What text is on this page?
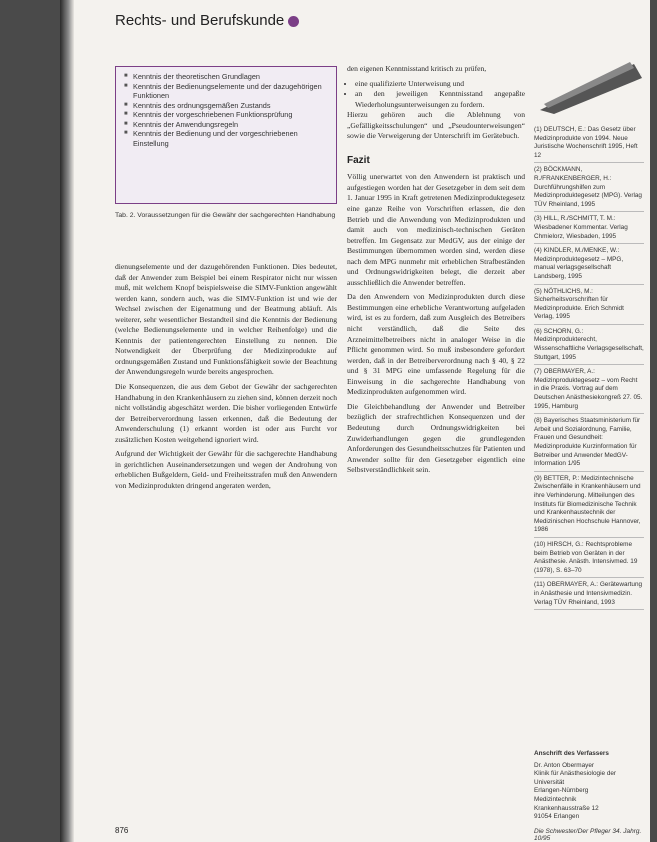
Rechts- und Berufskunde
■ Kenntnis der theoretischen Grundlagen
■ Kenntnis der Bedienungselemente und der dazugehörigen Funktionen
■ Kenntnis des ordnungsgemäßen Zustands
■ Kenntnis der vorgeschriebenen Funktionsprüfung
■ Kenntnis der Anwendungsregeln
■ Kenntnis der Bedienung und der vorgeschriebenen Einstellung
Tab. 2. Voraussetzungen für die Gewähr der sachgerechten Handhabung

dienungselemente und der dazugehörenden Funktionen. Dies bedeutet, daß der Anwender zum Beispiel bei einem Respirator nicht nur wissen muß, mit welchem Knopf beispielsweise die SIMV-Funktion angewählt werden kann, sondern auch, was die SIMV-Funktion ist und wie der Wechsel zwischen der Eigenatmung und der Beatmung abläuft. Als weiterer, sehr wesentlicher Bestandteil sind die Kenntnis der Bedienung (welche Bedienungselemente und in welcher Reihenfolge) und die Kenntnis der patientengerechten Einstellung zu nennen. Die Notwendigkeit der Überprüfung der Medizinprodukte auf ordnungsgemäßen Zustand und Funktionsfähigkeit sowie der Beachtung der Anwendungsregeln wurde bereits angesprochen.

Die Konsequenzen, die aus dem Gebot der Gewähr der sachgerechten Handhabung in den Krankenhäusern zu ziehen sind, können derzeit noch nicht vollständig abgeschätzt werden. Die bisher vorliegenden Entwürfe der Betreiberverordnung lassen erkennen, daß die Bedeutung der Anwenderschulung (1) erkannt worden ist oder aus Furcht vor zusätzlichen Kosten weitgehend ignoriert wird.

Aufgrund der Wichtigkeit der Gewähr für die sachgerechte Handhabung in gerichtlichen Auseinandersetzungen und wegen der Androhung von erheblichen Bußgeldern, Geld- und Freiheitsstrafen muß den Anwendern von Medizinprodukten dringend angeraten werden,

den eigenen Kenntnisstand kritisch zu prüfen,

• eine qualifizierte Unterweisung und
• an den jeweiligen Kenntnisstand angepaßte Wiederholungsunterweisungen zu fordern.

Hierzu gehören auch die Ablehnung von „Gefälligkeitsschulungen“ und „Pseudounterweisungen“ sowie die Verweigerung der Unterschrift im Gerätebuch.

Fazit

Völlig unerwartet von den Anwendern ist praktisch und aufgestiegen worden hat der Gesetzgeber in dem seit dem 1. Januar 1995 in Kraft getretenen Medizinproduktegesetz eine ganze Reihe von Vorschriften erlassen, die den Betrieb und die Anwendung von Medizinprodukten und damit auch von medizinisch-technischen Geräten betreffen. Im Gegensatz zur MedGV, aus der einige der Bestimmungen übernommen worden sind, werden diese nach dem MPG nunmehr mit erheblichen Strafbeständen und Ordnungswidrigkeiten belegt, die derzeit aber ausschließlich die Anwender betreffen.

Da den Anwendern von Medizinprodukten durch diese Bestimmungen eine erhebliche Verantwortung aufgeladen wird, ist es zu fordern, daß zum Ausgleich des Betreibers nicht verständlich, daß die Seite des Arzneimittelbetreibers nicht in analoger Weise in die Pflicht genommen wird. So muß insbesondere gefordert werden, daß in der Betreiberverordnung nach § 40, § 22 und § 31 MPG eine umfassende Regelung für die Einweisung in die sachgerechte Handhabung von Medizinprodukten aufgenommen wird.

Die Gleichbehandlung der Anwender und Betreiber bezüglich der strafrechtlichen Konsequenzen und der Bedeutung durch Ordnungswidrigkeiten bei Zuwiderhandlungen gegen die grundlegenden Anforderungen des Gesundheitsschutzes für Patienten und Anwender sollte für den Gesetzgeber eigentlich eine Selbstverständlichkeit sein.

(1) DEUTSCH, E.: Das Gesetz über Medizinprodukte von 1994. Neue Juristische Wochenschrift 1995, Heft 12
(2) BÖCKMANN, R./FRANKENBERGER, H.: Durchführungshilfen zum Medizinproduktegesetz (MPG). Verlag TÜV Rheinland, 1995
(3) HILL, R./SCHMITT, T. M.: Wiesbadener Kommentar. Verlag Chmielorz, Wiesbaden, 1995
(4) KINDLER, M./MENKE, W.: Medizinproduktegesetz – MPG, manual verlagsgesellschaft Landsberg, 1995
(5) NÖTHLICHS, M.: Sicherheitsvorschriften für Medizinprodukte. Erich Schmidt Verlag, 1995
(6) SCHORN, G.: Medizinprodukterecht, Wissenschaftliche Verlagsgesellschaft, Stuttgart, 1995
(7) OBERMAYER, A.: Medizinproduktegesetz – vom Recht in die Praxis. Vortrag auf dem Deutschen Anästhesiekongreß 27. 05. 1995, Hamburg
(8) Bayerisches Staatsministerium für Arbeit und Sozialordnung, Familie, Frauen und Gesundheit: Medizinprodukte Kurzinformation für Betreiber und Anwender MedGV-Information 1/95
(9) BETTER, P.: Medizintechnische Zwischenfälle in Krankenhäusern und ihre Verhinderung. Mitteilungen des Instituts für Biomedizinische Technik und Krankenhaustechnik der Medizinischen Hochschule Hannover, 1986
(10) HIRSCH, G.: Rechtsprobleme beim Betrieb von Geräten in der Anästhesie. Anästh. Intensivmed. 19 (1978), S. 63–70
(11) OBERMAYER, A.: Gerätewartung in Anästhesie und Intensivmedizin. Verlag TÜV Rheinland, 1993
Anschrift des Verfassers
Dr. Anton Obermayer
Klinik für Anästhesiologie der Universität
Erlangen-Nürnberg
Medizintechnik
Krankenhausstraße 12
91054 Erlangen
876	Die Schwester/Der Pfleger 34. Jahrg. 10/95
